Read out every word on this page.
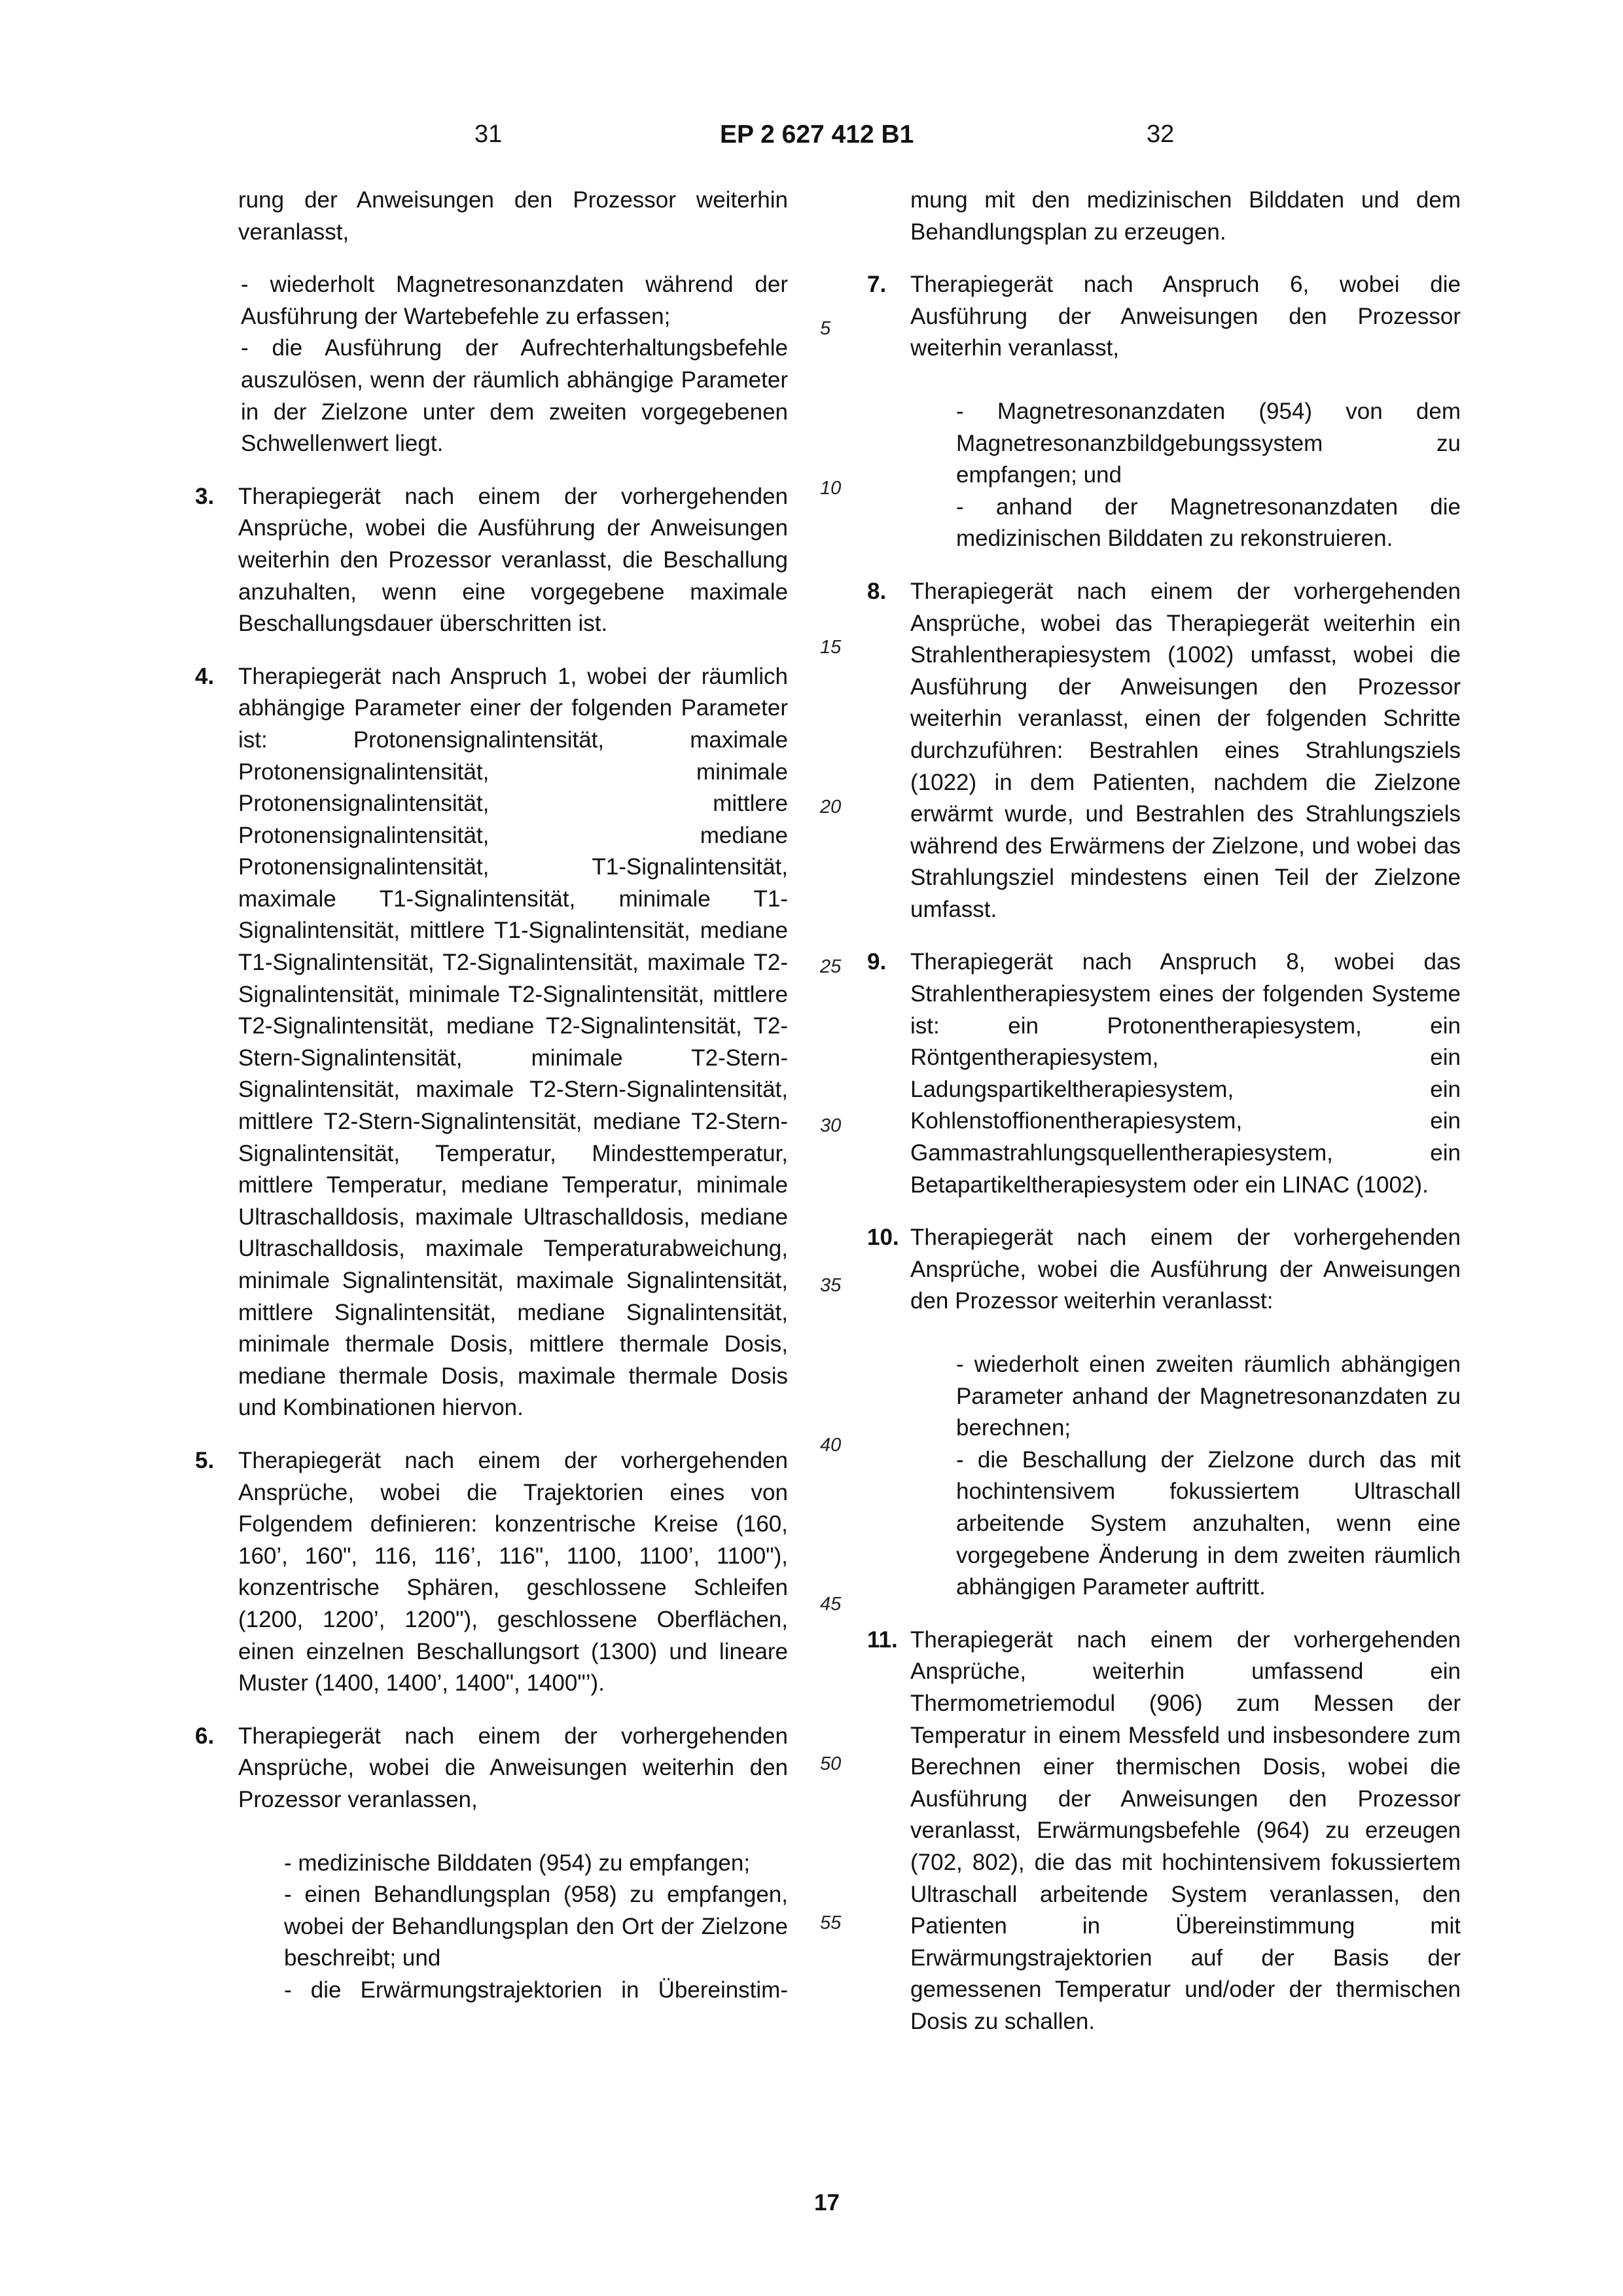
31	EP 2 627 412 B1	32
rung der Anweisungen den Prozessor weiterhin veranlasst,
- wiederholt Magnetresonanzdaten während der Ausführung der Wartebefehle zu erfassen;
- die Ausführung der Aufrechterhaltungsbefehle auszulösen, wenn der räumlich abhängige Parameter in der Zielzone unter dem zweiten vorgegebenen Schwellenwert liegt.
3.	Therapiegerät nach einem der vorhergehenden Ansprüche, wobei die Ausführung der Anweisungen weiterhin den Prozessor veranlasst, die Beschallung anzuhalten, wenn eine vorgegebene maximale Beschallungsdauer überschritten ist.
4.	Therapiegerät nach Anspruch 1, wobei der räumlich abhängige Parameter einer der folgenden Parameter ist: Protonensignalintensität, maximale Protonensignalintensität, minimale Protonensignalintensität, mittlere Protonensignalintensität, mediane Protonensignalintensität, T1-Signalintensität, maximale T1-Signalintensität, minimale T1-Signalintensität, mittlere T1-Signalintensität, mediane T1-Signalintensität, T2-Signalintensität, maximale T2-Signalintensität, minimale T2-Signalintensität, mittlere T2-Signalintensität, mediane T2-Signalintensität, T2-Stern-Signalintensität, minimale T2-Stern-Signalintensität, maximale T2-Stern-Signalintensität, mittlere T2-Stern-Signalintensität, mediane T2-Stern-Signalintensität, Temperatur, Mindesttemperatur, mittlere Temperatur, mediane Temperatur, minimale Ultraschalldosis, maximale Ultraschalldosis, mediane Ultraschalldosis, maximale Temperaturabweichung, minimale Signalintensität, maximale Signalintensität, mittlere Signalintensität, mediane Signalintensität, minimale thermale Dosis, mittlere thermale Dosis, mediane thermale Dosis, maximale thermale Dosis und Kombinationen hiervon.
5.	Therapiegerät nach einem der vorhergehenden Ansprüche, wobei die Trajektorien eines von Folgendem definieren: konzentrische Kreise (160, 160’, 160", 116, 116’, 116", 1100, 1100’, 1100"), konzentrische Sphären, geschlossene Schleifen (1200, 1200’, 1200"), geschlossene Oberflächen, einen einzelnen Beschallungsort (1300) und lineare Muster (1400, 1400’, 1400", 1400"’).
6.	Therapiegerät nach einem der vorhergehenden Ansprüche, wobei die Anweisungen weiterhin den Prozessor veranlassen,
- medizinische Bilddaten (954) zu empfangen;
- einen Behandlungsplan (958) zu empfangen, wobei der Behandlungsplan den Ort der Zielzone beschreibt; und
- die Erwärmungstrajektorien in Übereinstim-
5
10
15
20
25
30
35
40
45
50
55
mung mit den medizinischen Bilddaten und dem Behandlungsplan zu erzeugen.
7.	Therapiegerät nach Anspruch 6, wobei die Ausführung der Anweisungen den Prozessor weiterhin veranlasst,
- Magnetresonanzdaten (954) von dem Magnetresonanzbildgebungssystem zu empfangen; und
- anhand der Magnetresonanzdaten die medizinischen Bilddaten zu rekonstruieren.
8.	Therapiegerät nach einem der vorhergehenden Ansprüche, wobei das Therapiegerät weiterhin ein Strahlentherapiesystem (1002) umfasst, wobei die Ausführung der Anweisungen den Prozessor weiterhin veranlasst, einen der folgenden Schritte durchzuführen: Bestrahlen eines Strahlungsziels (1022) in dem Patienten, nachdem die Zielzone erwärmt wurde, und Bestrahlen des Strahlungsziels während des Erwärmens der Zielzone, und wobei das Strahlungsziel mindestens einen Teil der Zielzone umfasst.
9.	Therapiegerät nach Anspruch 8, wobei das Strahlentherapiesystem eines der folgenden Systeme ist: ein Protonentherapiesystem, ein Röntgentherapiesystem, ein Ladungspartikeltherapiesystem, ein Kohlenstoffionentherapiesystem, ein Gammastrahlungsquellentherapiesystem, ein Betapartikeltherapiesystem oder ein LINAC (1002).
10. Therapiegerät nach einem der vorhergehenden Ansprüche, wobei die Ausführung der Anweisungen den Prozessor weiterhin veranlasst:
- wiederholt einen zweiten räumlich abhängigen Parameter anhand der Magnetresonanzdaten zu berechnen;
- die Beschallung der Zielzone durch das mit hochintensivem fokussiertem Ultraschall arbeitende System anzuhalten, wenn eine vorgegebene Änderung in dem zweiten räumlich abhängigen Parameter auftritt.
11. Therapiegerät nach einem der vorhergehenden Ansprüche, weiterhin umfassend ein Thermometriemodul (906) zum Messen der Temperatur in einem Messfeld und insbesondere zum Berechnen einer thermischen Dosis, wobei die Ausführung der Anweisungen den Prozessor veranlasst, Erwärmungsbefehle (964) zu erzeugen (702, 802), die das mit hochintensivem fokussiertem Ultraschall arbeitende System veranlassen, den Patienten in Übereinstimmung mit Erwärmungstrajektorien auf der Basis der gemessenen Temperatur und/oder der thermischen Dosis zu schallen.
17
